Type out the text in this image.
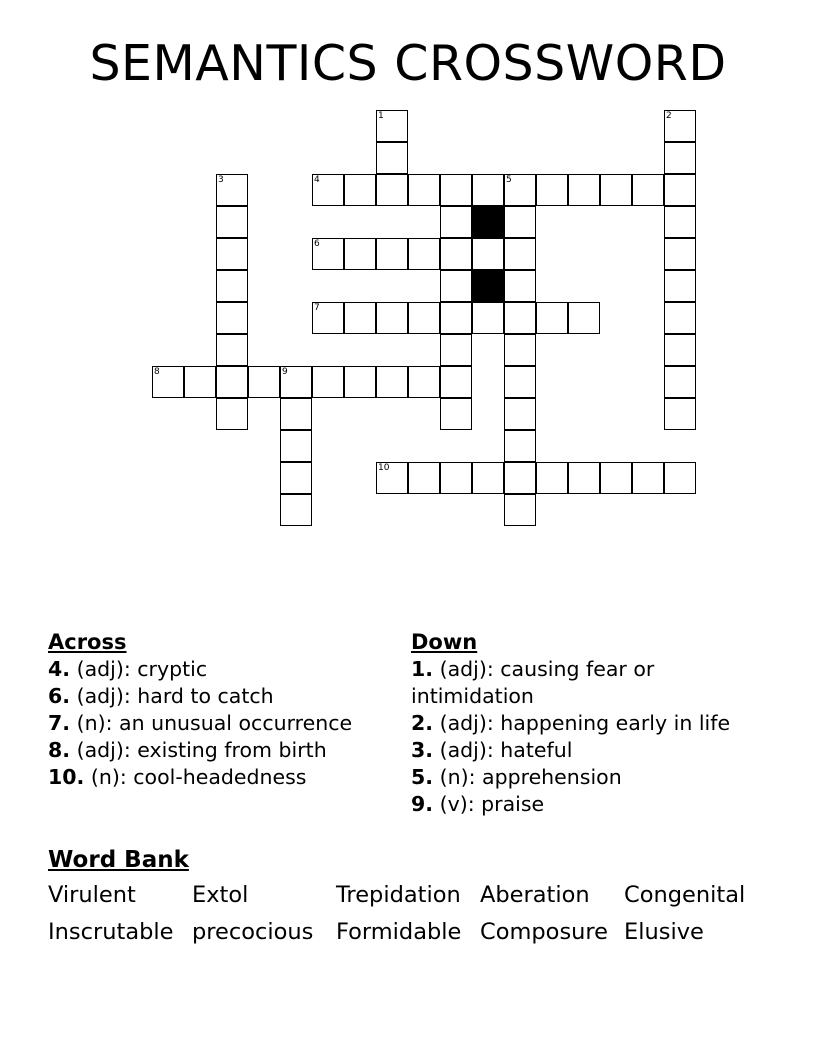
SEMANTICS CROSSWORD
1	2
3	4	5
6
7
8	9
10
Across
4. (adj): cryptic
6. (adj): hard to catch
7. (n): an unusual occurrence
8. (adj): existing from birth
10. (n): cool-headedness
Down
1. (adj): causing fear or intimidation
2. (adj): happening early in life
3. (adj): hateful
5. (n): apprehension
9. (v): praise
Word Bank
Virulent	Extol	Trepidation Aberation	Congenital
Inscrutable precocious	Formidable Composure Elusive
